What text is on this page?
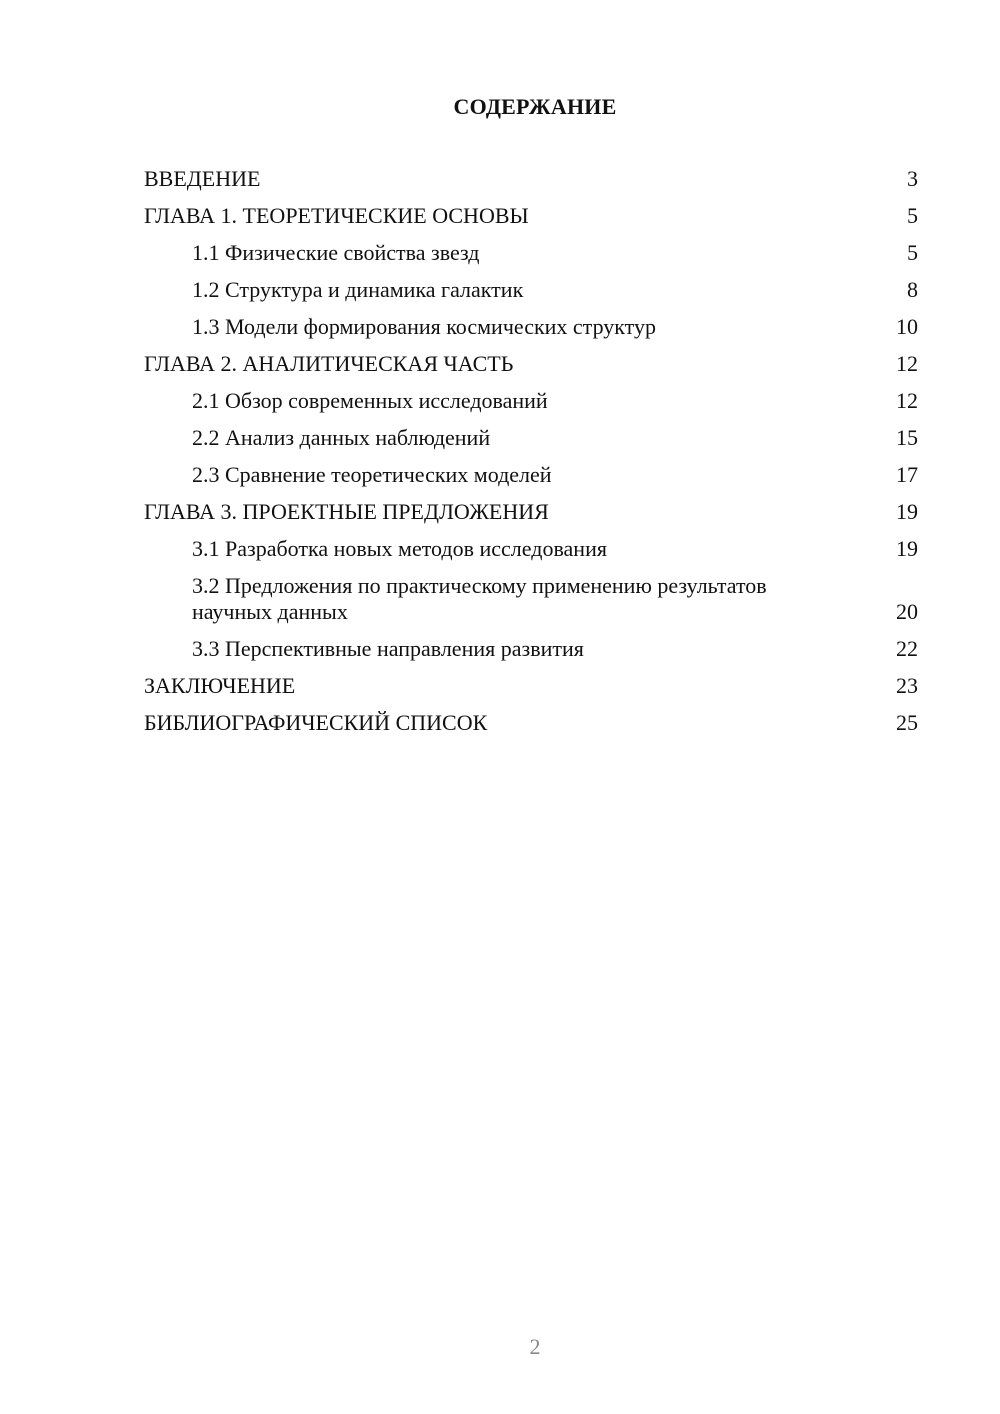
СОДЕРЖАНИЕ
ВВЕДЕНИЕ	3
ГЛАВА 1. ТЕОРЕТИЧЕСКИЕ ОСНОВЫ	5
1.1 Физические свойства звезд	5
1.2 Структура и динамика галактик	8
1.3 Модели формирования космических структур	10
ГЛАВА 2. АНАЛИТИЧЕСКАЯ ЧАСТЬ	12
2.1 Обзор современных исследований	12
2.2 Анализ данных наблюдений	15
2.3 Сравнение теоретических моделей	17
ГЛАВА 3. ПРОЕКТНЫЕ ПРЕДЛОЖЕНИЯ	19
3.1 Разработка новых методов исследования	19
3.2 Предложения по практическому применению результатов научных данных	20
3.3 Перспективные направления развития	22
ЗАКЛЮЧЕНИЕ	23
БИБЛИОГРАФИЧЕСКИЙ СПИСОК	25
2
